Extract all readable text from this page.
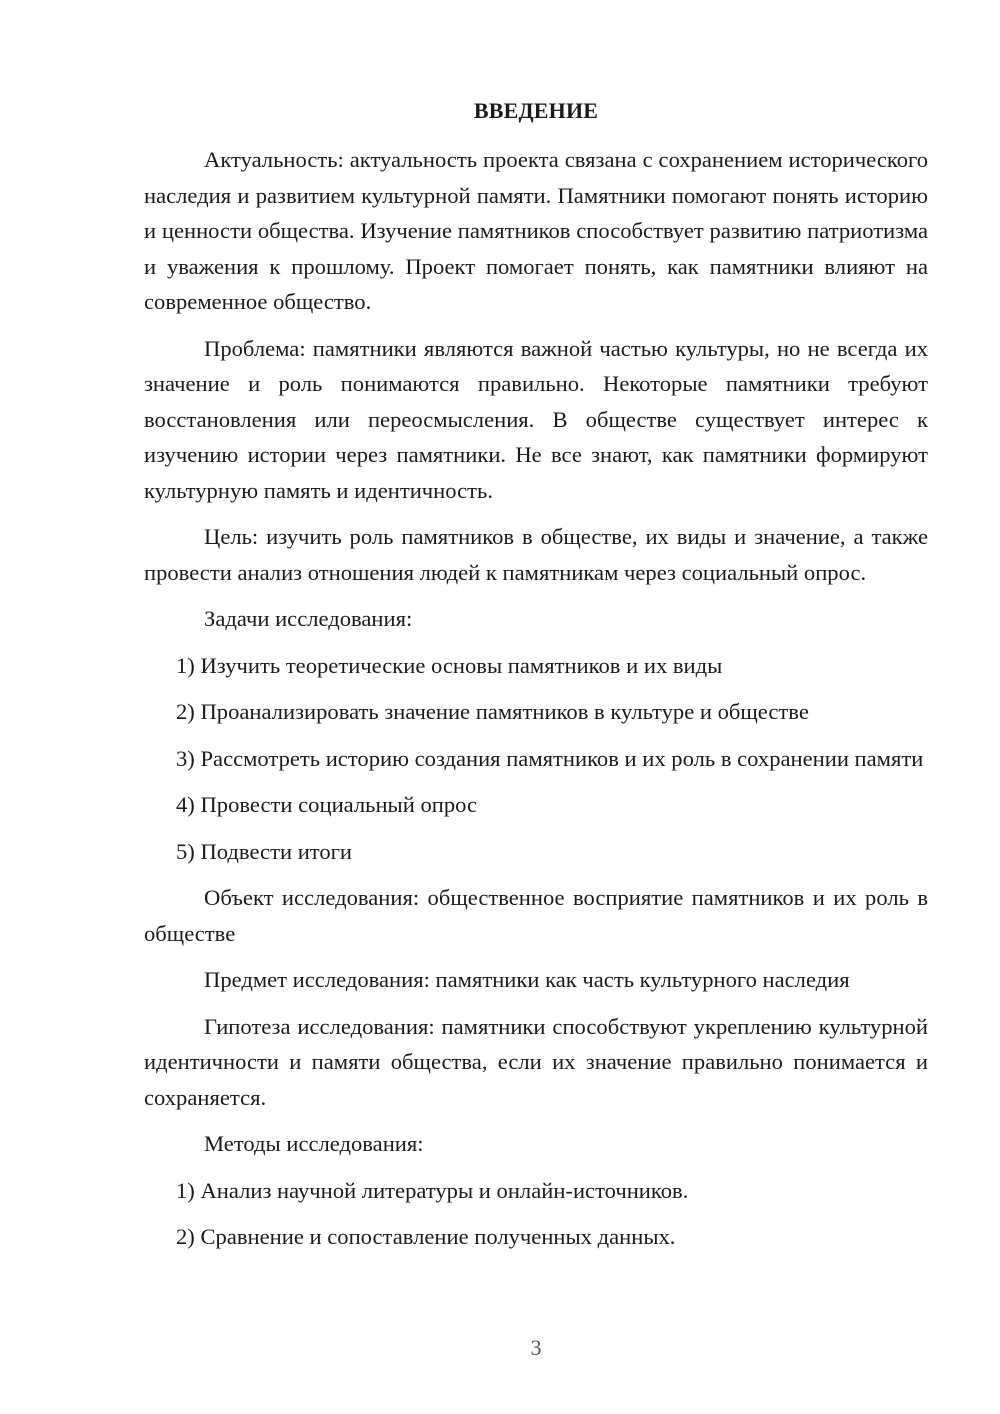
ВВЕДЕНИЕ

Актуальность: актуальность проекта связана с сохранением исторического наследия и развитием культурной памяти. Памятники помогают понять историю и ценности общества. Изучение памятников способствует развитию патриотизма и уважения к прошлому. Проект помогает понять, как памятники влияют на современное общество.

Проблема: памятники являются важной частью культуры, но не всегда их значение и роль понимаются правильно. Некоторые памятники требуют восстановления или переосмысления. В обществе существует интерес к изучению истории через памятники. Не все знают, как памятники формируют культурную память и идентичность.

Цель: изучить роль памятников в обществе, их виды и значение, а также провести анализ отношения людей к памятникам через социальный опрос.

Задачи исследования:

1) Изучить теоретические основы памятников и их виды

2) Проанализировать значение памятников в культуре и обществе

3) Рассмотреть историю создания памятников и их роль в сохранении памяти

4) Провести социальный опрос

5) Подвести итоги

Объект исследования: общественное восприятие памятников и их роль в обществе

Предмет исследования: памятники как часть культурного наследия

Гипотеза исследования: памятники способствуют укреплению культурной идентичности и памяти общества, если их значение правильно понимается и сохраняется.

Методы исследования:

1) Анализ научной литературы и онлайн-источников.

2) Сравнение и сопоставление полученных данных.

3
